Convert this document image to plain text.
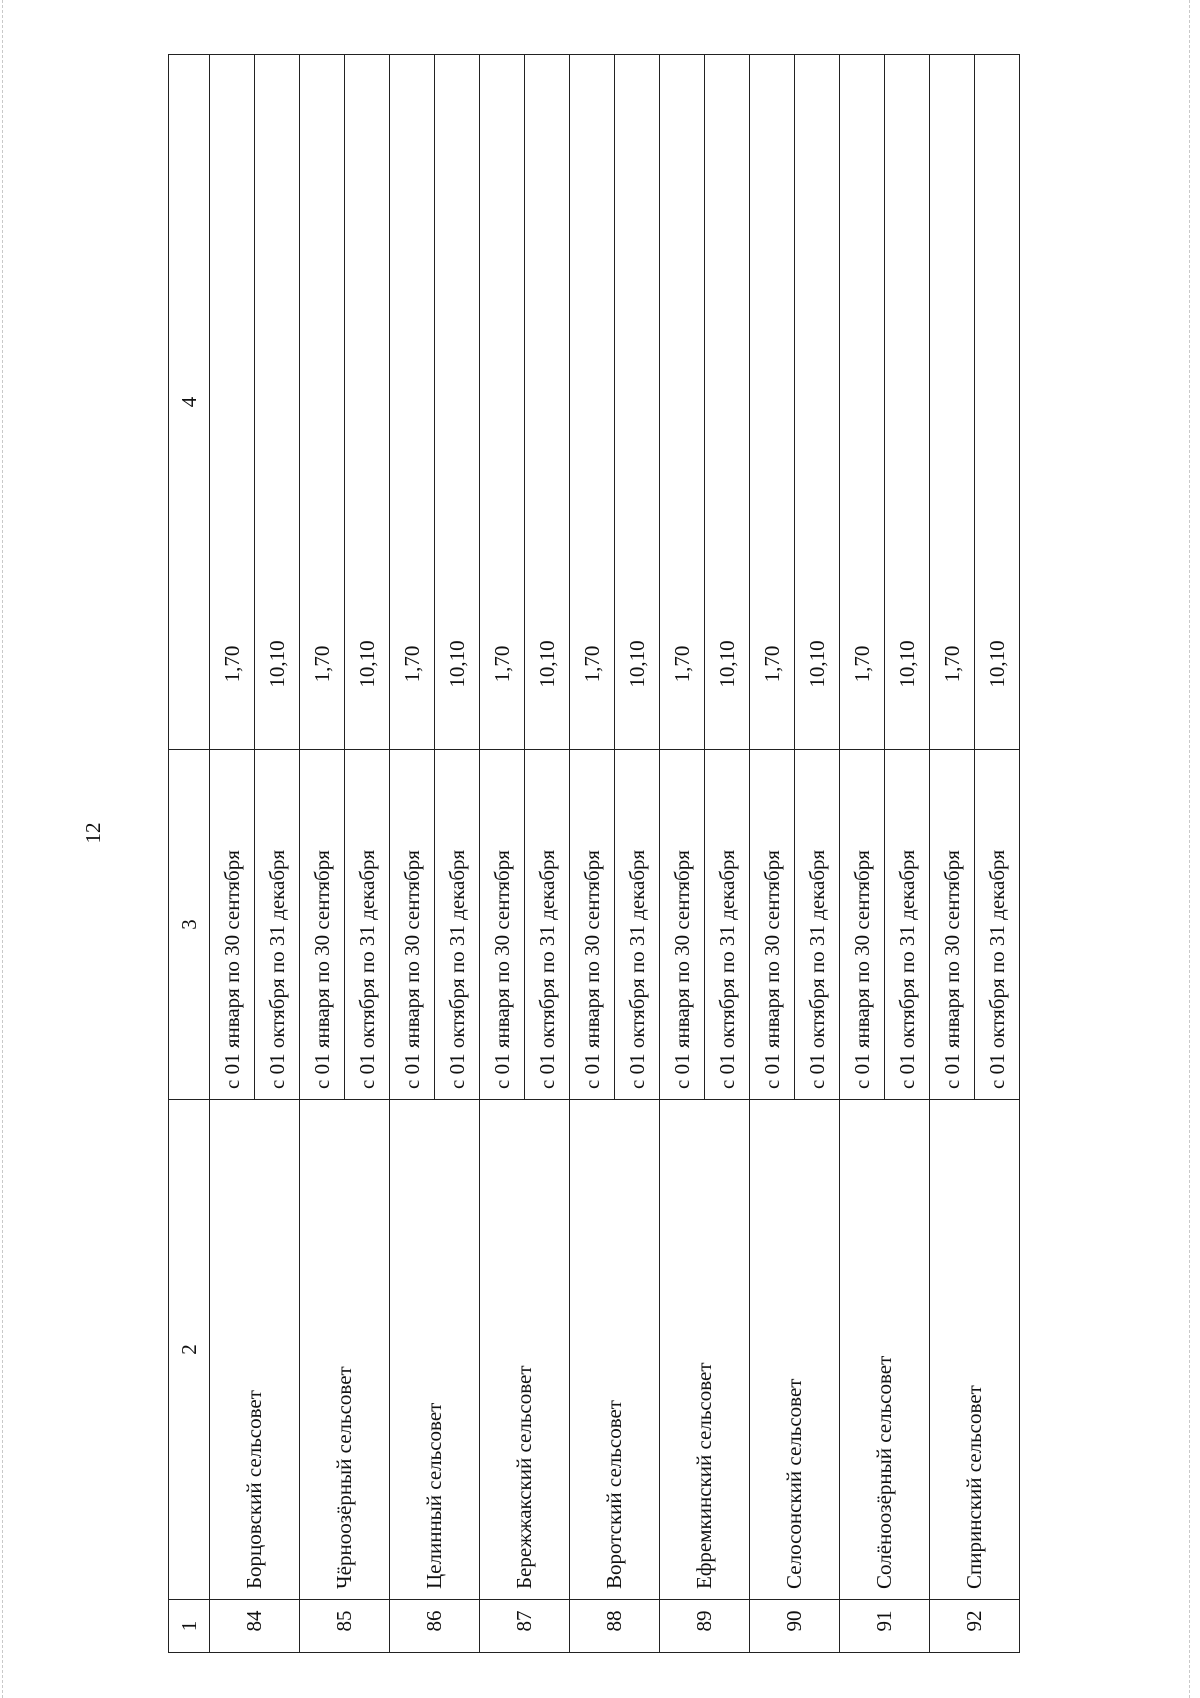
12
1	2	3	4
84	Борцовский сельсовет	с 01 января по 30 сентября	1,70
		с 01 октября по 31 декабря	10,10
85	Чёрноозёрный сельсовет	с 01 января по 30 сентября	1,70
		с 01 октября по 31 декабря	10,10
86	Целинный сельсовет	с 01 января по 30 сентября	1,70
		с 01 октября по 31 декабря	10,10
87	Бережжакский сельсовет	с 01 января по 30 сентября	1,70
		с 01 октября по 31 декабря	10,10
88	Воротский сельсовет	с 01 января по 30 сентября	1,70
		с 01 октября по 31 декабря	10,10
89	Ефремкинский сельсовет	с 01 января по 30 сентября	1,70
		с 01 октября по 31 декабря	10,10
90	Селосонский сельсовет	с 01 января по 30 сентября	1,70
		с 01 октября по 31 декабря	10,10
91	Солёноозёрный сельсовет	с 01 января по 30 сентября	1,70
		с 01 октября по 31 декабря	10,10
92	Спиринский сельсовет	с 01 января по 30 сентября	1,70
		с 01 октября по 31 декабря	10,10
